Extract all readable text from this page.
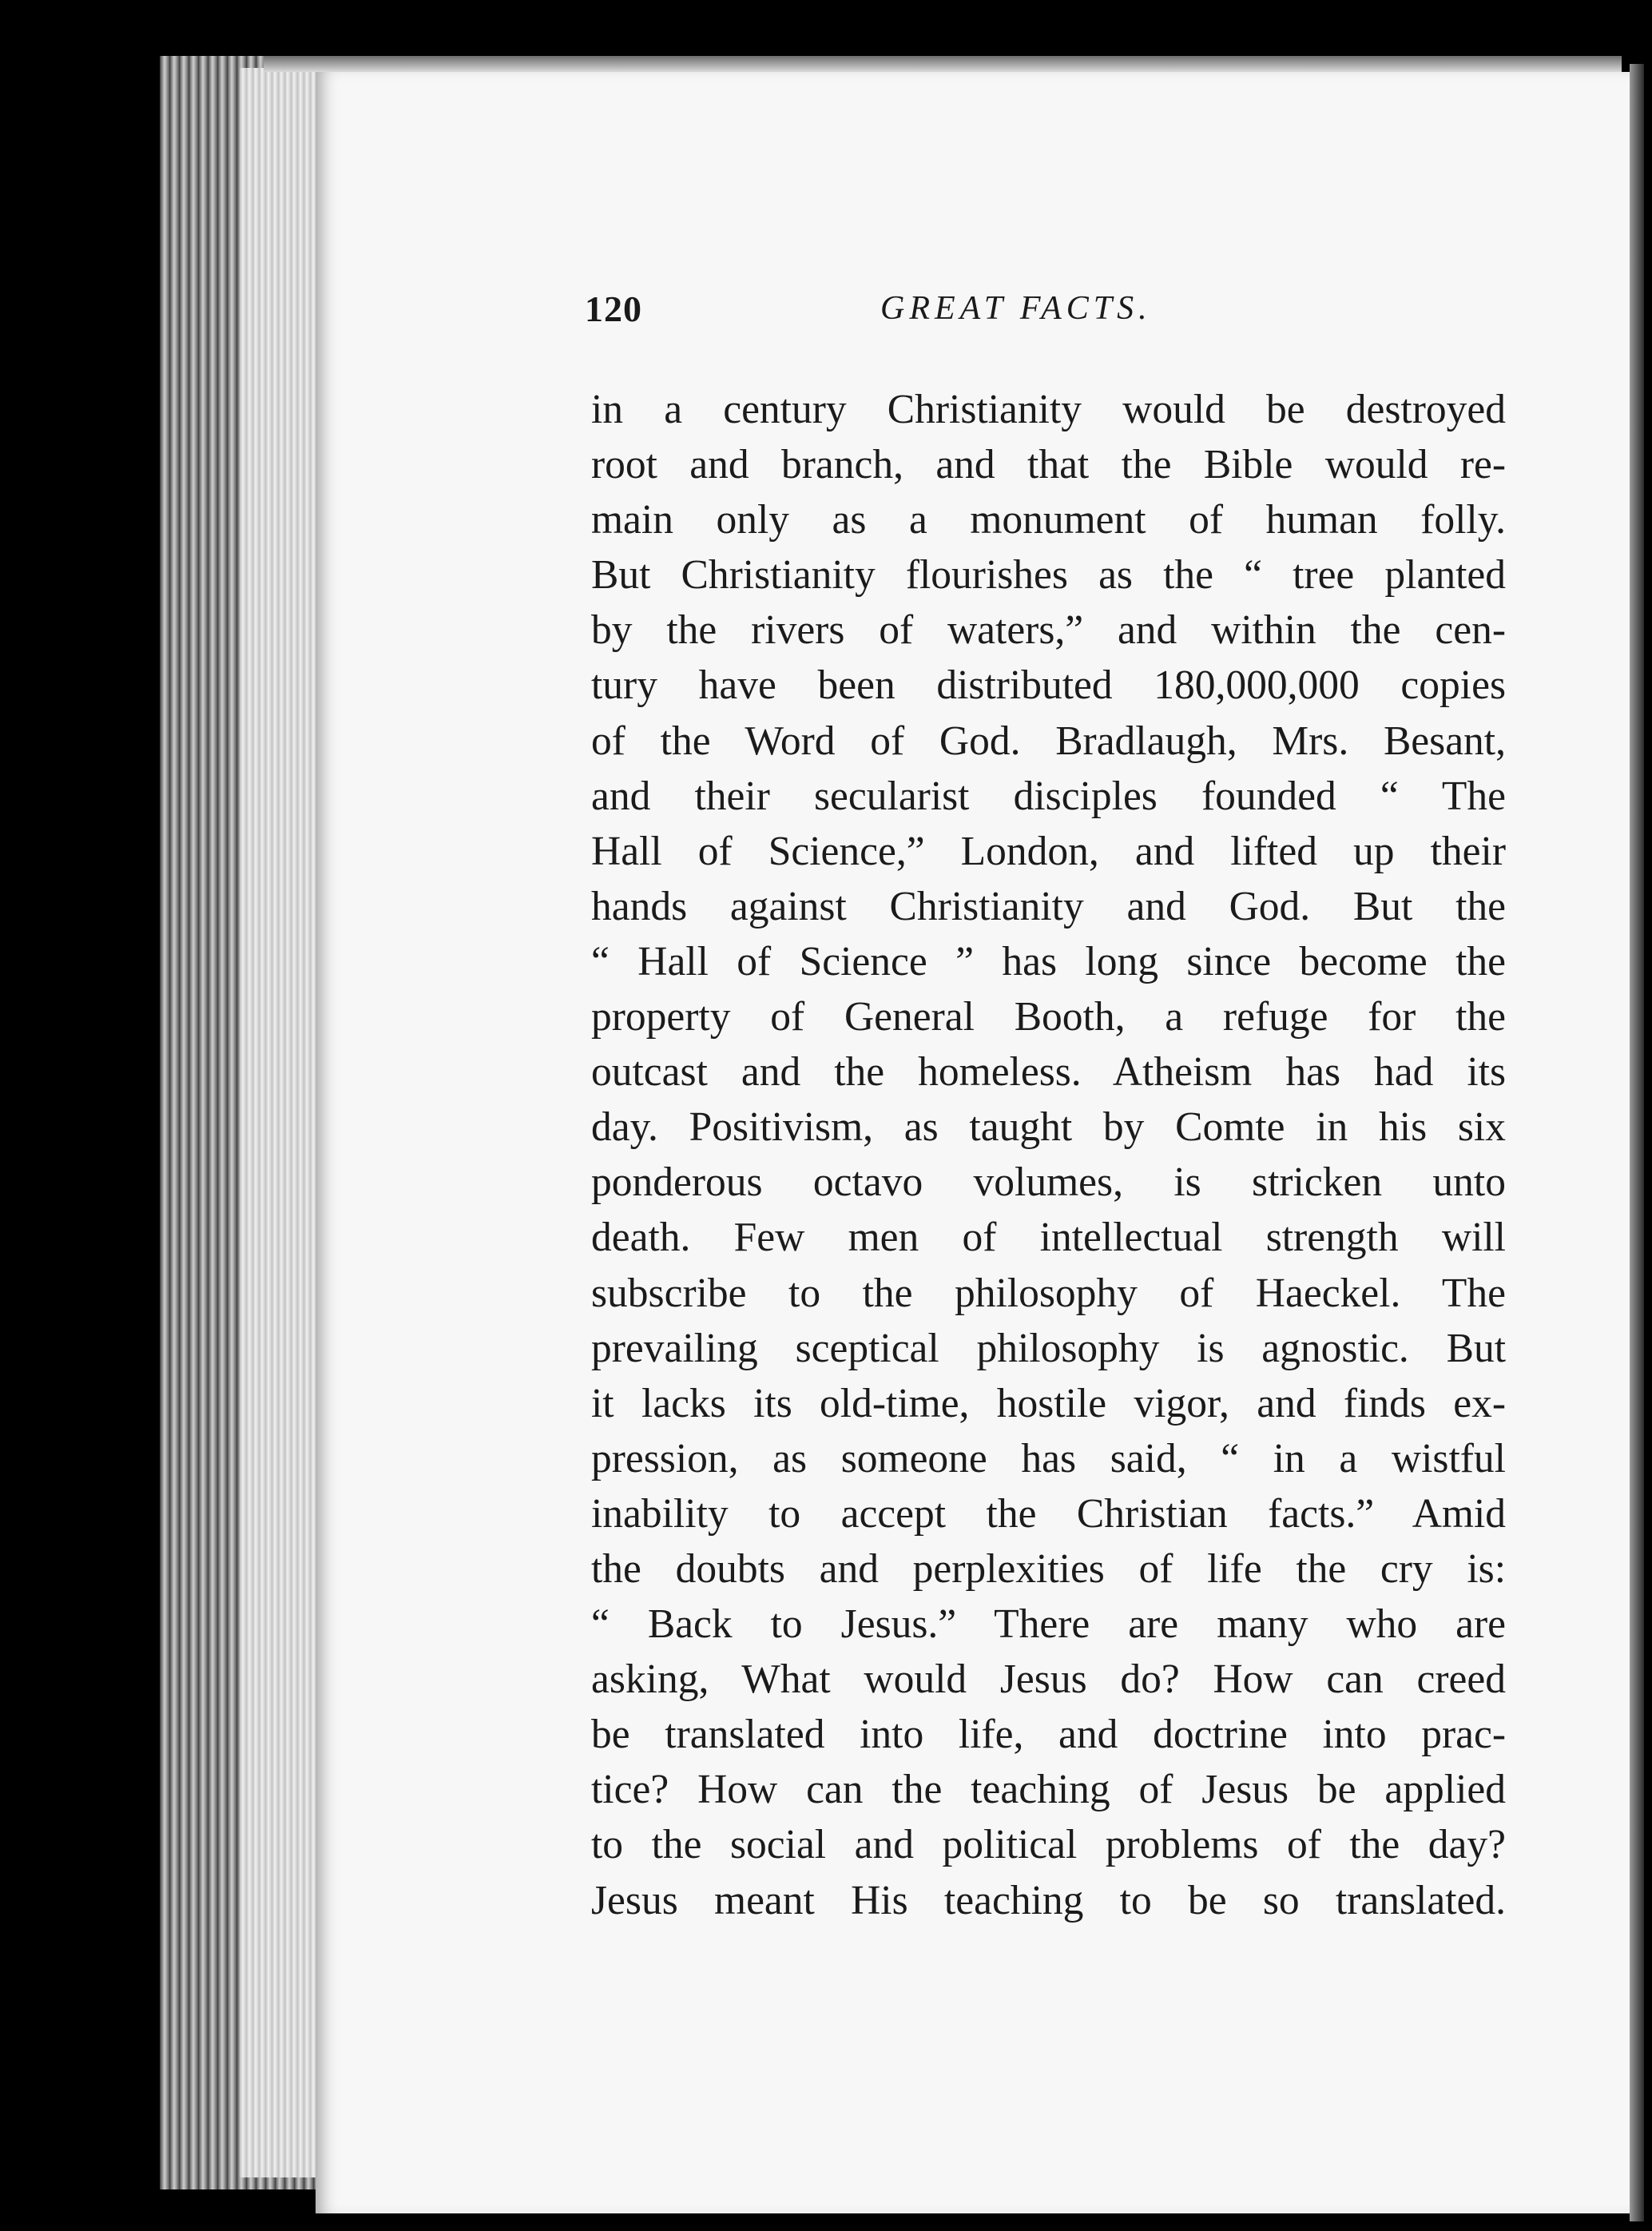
120	GREAT FACTS.
in a century Christianity would be destroyed
root and branch, and that the Bible would re-
main only as a monument of human folly.
But Christianity flourishes as the “ tree planted
by the rivers of waters,” and within the cen-
tury have been distributed 180,000,000 copies
of the Word of God. Bradlaugh, Mrs. Besant,
and their secularist disciples founded “ The
Hall of Science,” London, and lifted up their
hands against Christianity and God. But the
“ Hall of Science ” has long since become the
property of General Booth, a refuge for the
outcast and the homeless. Atheism has had its
day. Positivism, as taught by Comte in his six
ponderous octavo volumes, is stricken unto
death. Few men of intellectual strength will
subscribe to the philosophy of Haeckel. The
prevailing sceptical philosophy is agnostic. But
it lacks its old-time, hostile vigor, and finds ex-
pression, as someone has said, “ in a wistful
inability to accept the Christian facts.” Amid
the doubts and perplexities of life the cry is:
“ Back to Jesus.” There are many who are
asking, What would Jesus do? How can creed
be translated into life, and doctrine into prac-
tice? How can the teaching of Jesus be applied
to the social and political problems of the day?
Jesus meant His teaching to be so translated.
